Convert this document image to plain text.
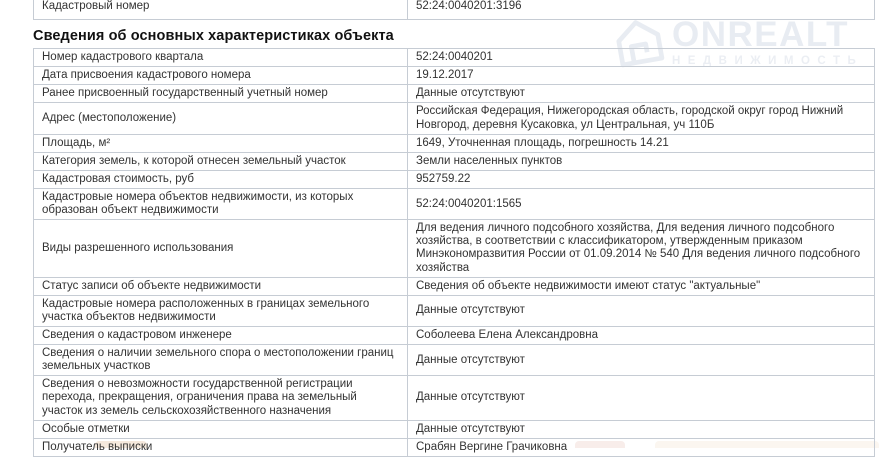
ONREALT
НЕДВИЖИМОСТЬ
Кадастровый номер	52:24:0040201:3196
Сведения об основных характеристиках объекта
Номер кадастрового квартала	52:24:0040201
Дата присвоения кадастрового номера	19.12.2017
Ранее присвоенный государственный учетный номер	Данные отсутствуют
Адрес (местоположение)	Российская Федерация, Нижегородская область, городской округ город Нижний Новгород, деревня Кусаковка, ул Центральная, уч 110Б
Площадь, м²	1649, Уточненная площадь, погрешность 14.21
Категория земель, к которой отнесен земельный участок	Земли населенных пунктов
Кадастровая стоимость, руб	952759.22
Кадастровые номера объектов недвижимости, из которых образован объект недвижимости	52:24:0040201:1565
Виды разрешенного использования	Для ведения личного подсобного хозяйства, Для ведения личного подсобного хозяйства, в соответствии с классификатором, утвержденным приказом Минэкономразвития России от 01.09.2014 № 540 Для ведения личного подсобного хозяйства
Статус записи об объекте недвижимости	Сведения об объекте недвижимости имеют статус "актуальные"
Кадастровые номера расположенных в границах земельного участка объектов недвижимости	Данные отсутствуют
Сведения о кадастровом инженере	Соболеева Елена Александровна
Сведения о наличии земельного спора о местоположении границ земельных участков	Данные отсутствуют
Сведения о невозможности государственной регистрации перехода, прекращения, ограничения права на земельный участок из земель сельскохозяйственного назначения	Данные отсутствуют
Особые отметки	Данные отсутствуют
Получатель выписки	Срабян Вергине Грачиковна
